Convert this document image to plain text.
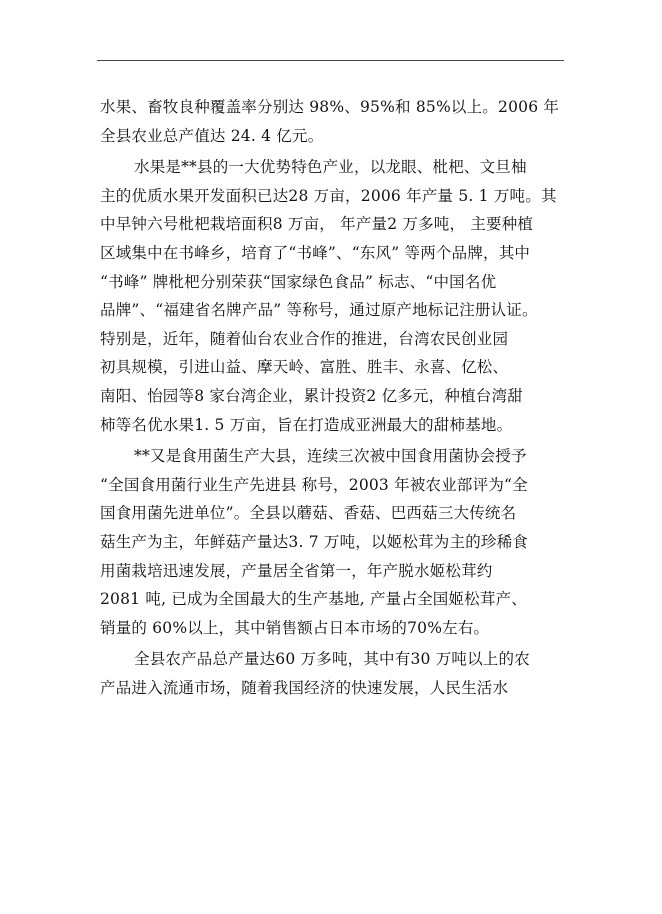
水果、畜牧良种覆盖率分别达 98%、95%和 85%以上。2006 年
全县农业总产值达 24. 4 亿元。
水果是**县的一大优势特色产业，以龙眼、枇杷、文旦柚
主的优质水果开发面积已达28 万亩，2006 年产量 5. 1 万吨。其
中早钟六号枇杷栽培面积8 万亩， 年产量2 万多吨， 主要种植
区域集中在书峰乡，培育了“书峰”、“东风” 等两个品牌，其中
“书峰” 牌枇杷分别荣获“国家绿色食品” 标志、“中国名优
品牌”、“福建省名牌产品” 等称号，通过原产地标记注册认证。
特别是，近年，随着仙台农业合作的推进，台湾农民创业园
初具规模，引进山益、摩天岭、富胜、胜丰、永喜、亿松、
南阳、怡园等8 家台湾企业，累计投资2 亿多元，种植台湾甜
柿等名优水果1. 5 万亩，旨在打造成亚洲最大的甜柿基地。
**又是食用菌生产大县，连续三次被中国食用菌协会授予
“全国食用菌行业生产先进县 称号，2003 年被农业部评为“全
国食用菌先进单位”。全县以蘑菇、香菇、巴西菇三大传统名
菇生产为主，年鲜菇产量达3. 7 万吨，以姬松茸为主的珍稀食
用菌栽培迅速发展，产量居全省第一，年产脱水姬松茸约
2081 吨, 已成为全国最大的生产基地, 产量占全国姬松茸产、
销量的 60%以上，其中销售额占日本市场的70%左右。
全县农产品总产量达60 万多吨，其中有30 万吨以上的农
产品进入流通市场，随着我国经济的快速发展，人民生活水
